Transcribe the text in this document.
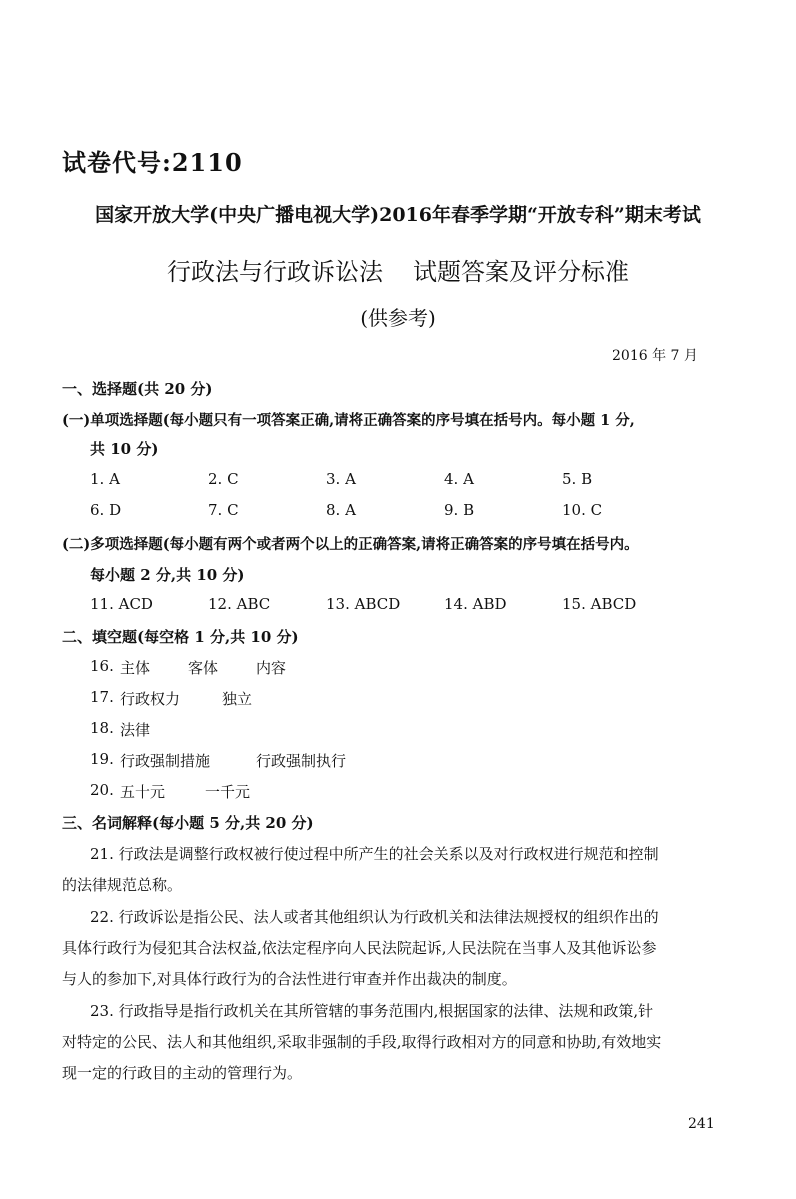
试卷代号:2110
国家开放大学(中央广播电视大学)2016年春季学期“开放专科”期末考试
行政法与行政诉讼法 试题答案及评分标准
(供参考)
2016 年 7 月
一、选择题(共 20 分)
(一)单项选择题(每小题只有一项答案正确,请将正确答案的序号填在括号内。每小题 1 分,
共 10 分)
1. A	2. C	3. A	4. A	5. B
6. D	7. C	8. A	9. B	10. C
(二)多项选择题(每小题有两个或者两个以上的正确答案,请将正确答案的序号填在括号内。
每小题 2 分,共 10 分)
11. ACD	12. ABC	13. ABCD	14. ABD	15. ABCD
二、填空题(每空格 1 分,共 10 分)
16. 主体	客体	内容
17. 行政权力	独立
18. 法律
19. 行政强制措施	行政强制执行
20. 五十元	一千元
三、名词解释(每小题 5 分,共 20 分)
21. 行政法是调整行政权被行使过程中所产生的社会关系以及对行政权进行规范和控制
的法律规范总称。
22. 行政诉讼是指公民、法人或者其他组织认为行政机关和法律法规授权的组织作出的
具体行政行为侵犯其合法权益,依法定程序向人民法院起诉,人民法院在当事人及其他诉讼参
与人的参加下,对具体行政行为的合法性进行审查并作出裁决的制度。
23. 行政指导是指行政机关在其所管辖的事务范围内,根据国家的法律、法规和政策,针
对特定的公民、法人和其他组织,采取非强制的手段,取得行政相对方的同意和协助,有效地实
现一定的行政目的主动的管理行为。
241
